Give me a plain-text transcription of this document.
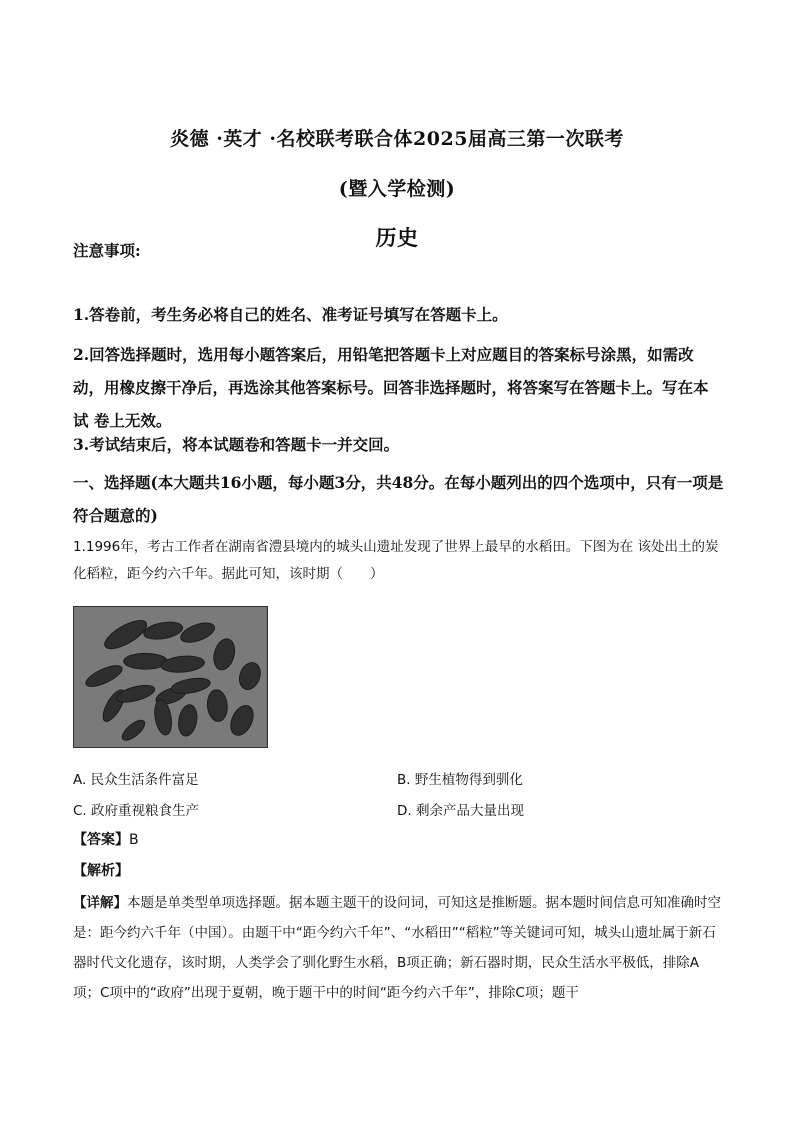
炎德 ·英才 ·名校联考联合体2025届高三第一次联考
(暨入学检测)
历史
注意事项:
1.答卷前，考生务必将自己的姓名、准考证号填写在答题卡上。
2.回答选择题时，选用每小题答案后，用铅笔把答题卡上对应题目的答案标号涂黑，如需改动，用橡皮擦干净后，再选涂其他答案标号。回答非选择题时，将答案写在答题卡上。写在本试 卷上无效。
3.考试结束后，将本试题卷和答题卡一并交回。
一、选择题(本大题共16小题，每小题3分，共48分。在每小题列出的四个选项中，只有一项是 符合题意的)
1.1996年，考古工作者在湖南省澧县境内的城头山遗址发现了世界上最早的水稻田。下图为在 该处出土的炭化稻粒，距今约六千年。据此可知，该时期（　　）
A. 民众生活条件富足	B. 野生植物得到驯化
C. 政府重视粮食生产	D. 剩余产品大量出现
【答案】B
【解析】
【详解】本题是单类型单项选择题。据本题主题干的设问词，可知这是推断题。据本题时间信息可知准确时空是：距今约六千年（中国）。由题干中“距今约六千年”、“水稻田”“稻粒”等关键词可知，城头山遗址属于新石器时代文化遗存，该时期，人类学会了驯化野生水稻，B项正确；新石器时期，民众生活水平极低，排除A项；C项中的“政府”出现于夏朝，晚于题干中的时间“距今约六千年”，排除C项；题干
